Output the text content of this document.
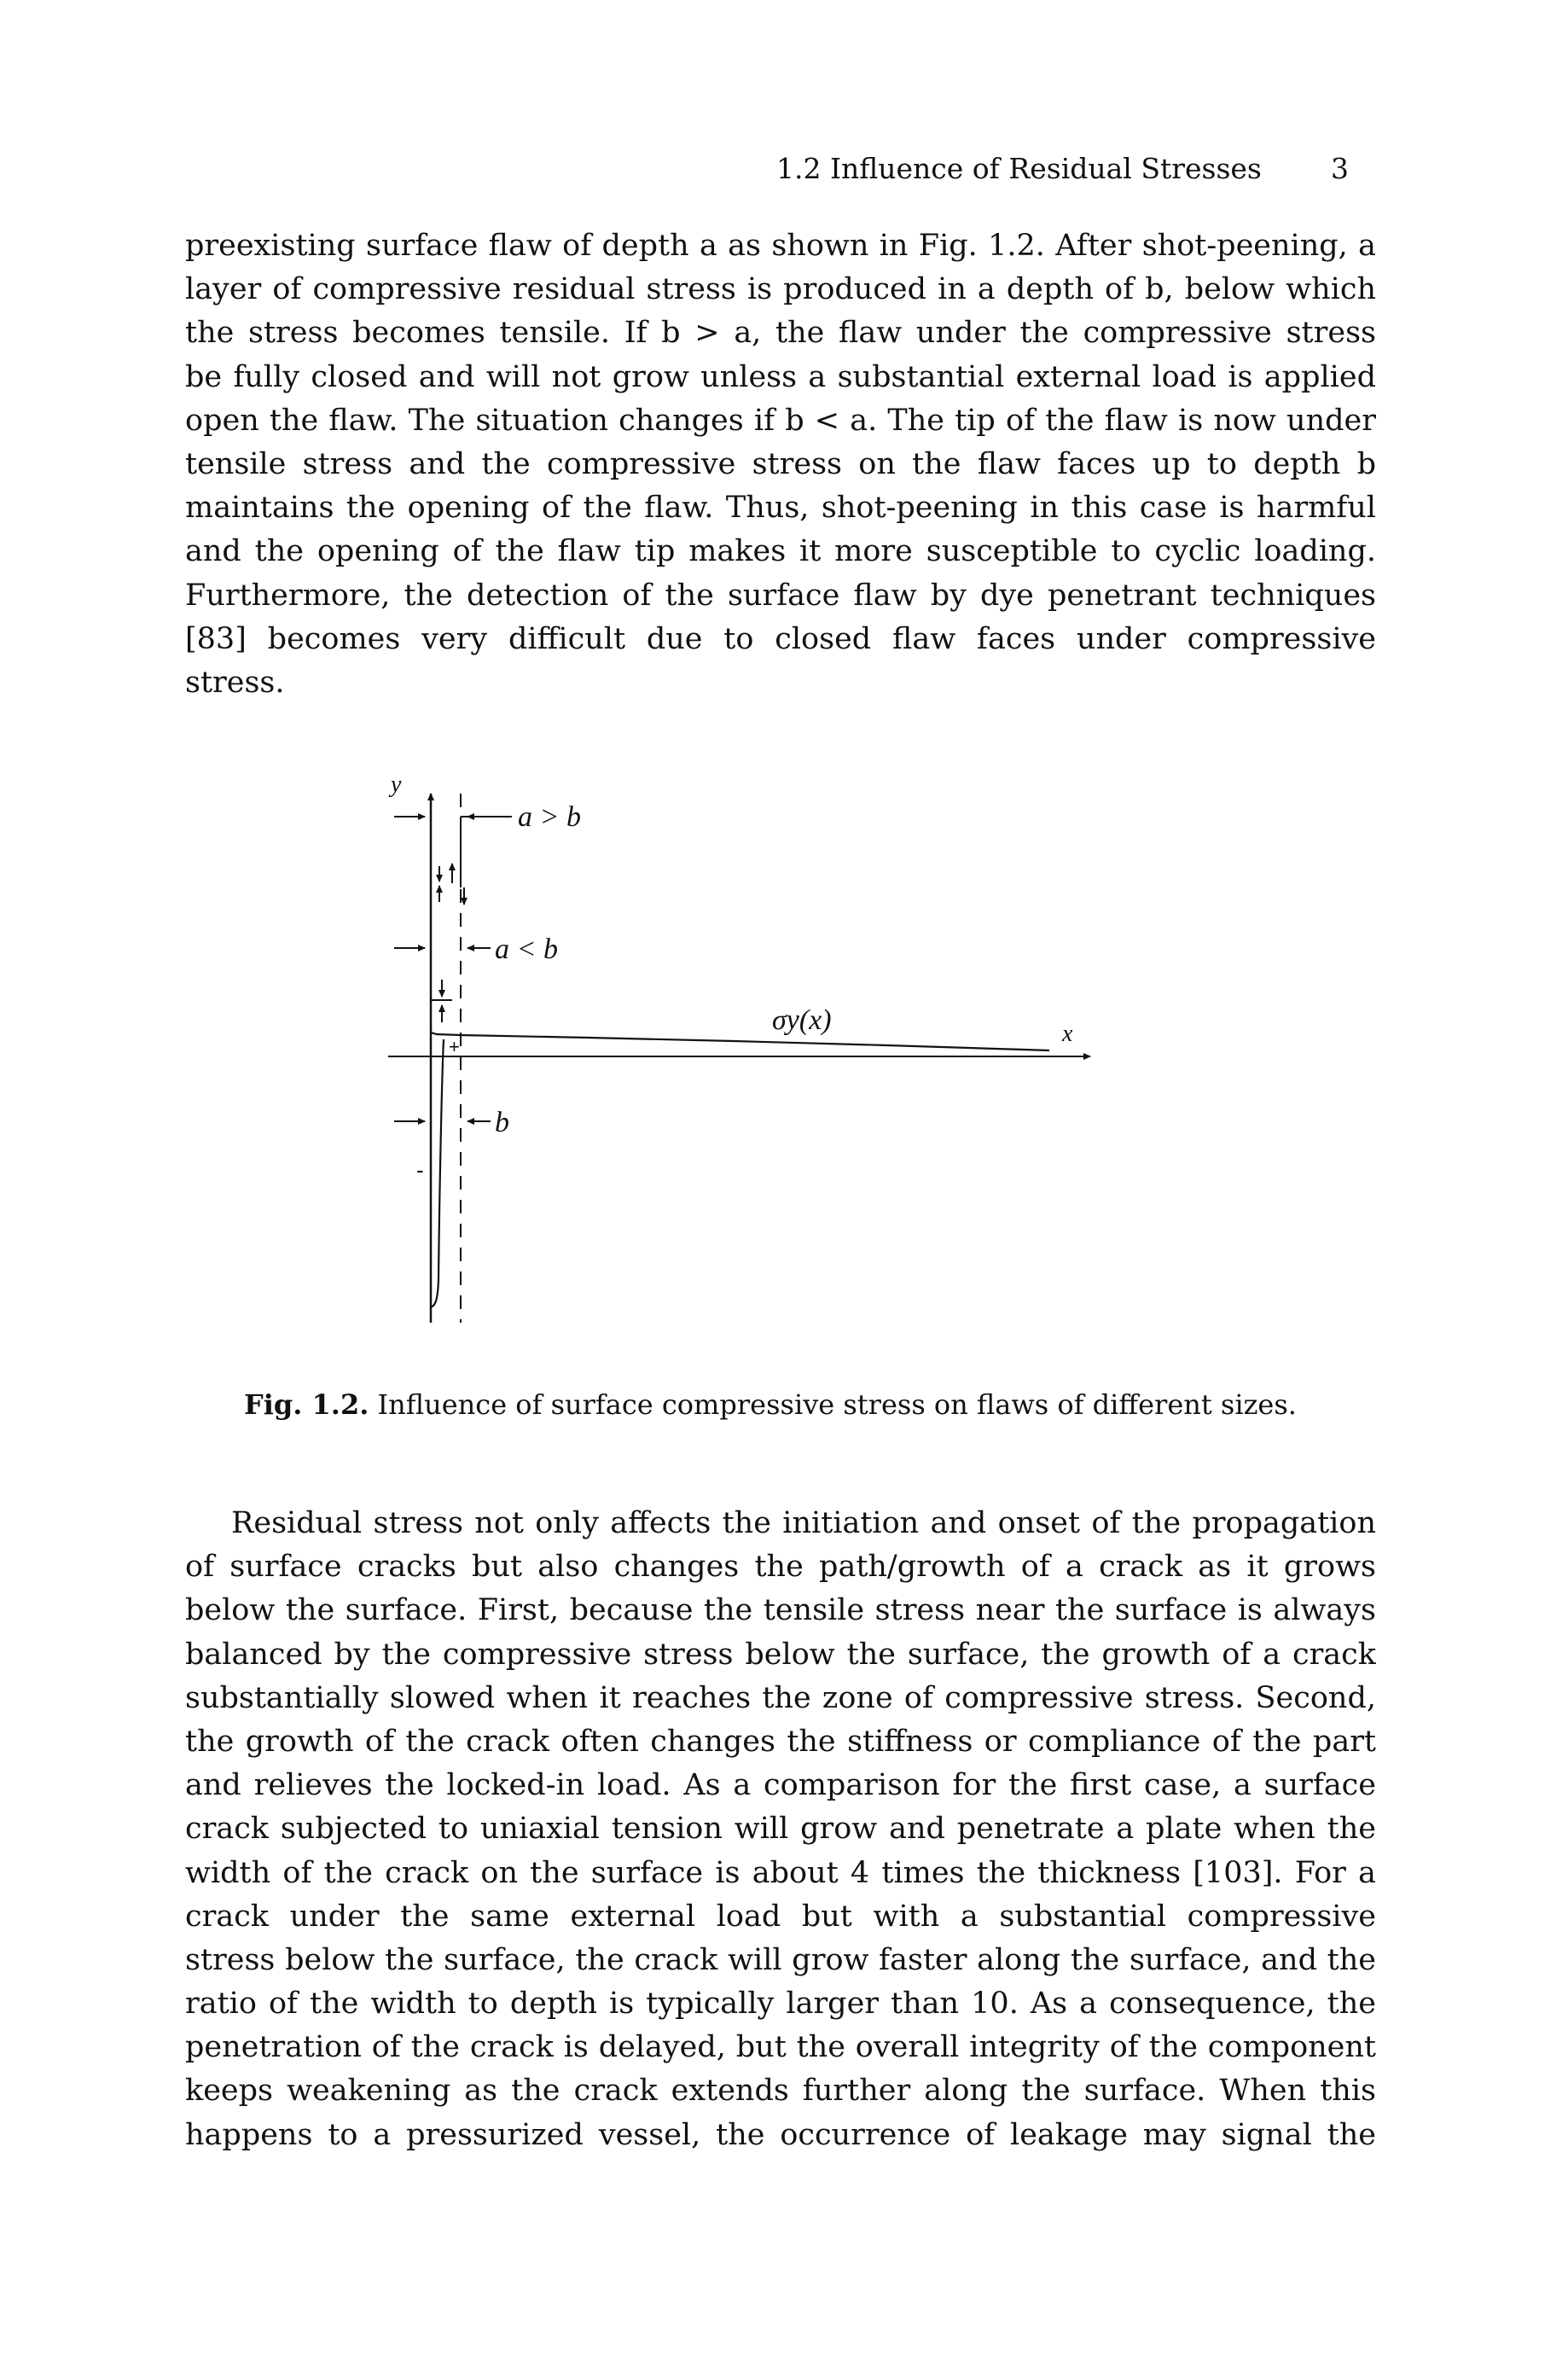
1.2 Influence of Residual Stresses 3
preexisting surface flaw of depth a as shown in Fig. 1.2. After shot-peening, a
layer of compressive residual stress is produced in a depth of b, below which
the stress becomes tensile. If b > a, the flaw under the compressive stress
be fully closed and will not grow unless a substantial external load is applied
open the flaw. The situation changes if b < a. The tip of the flaw is now under
tensile stress and the compressive stress on the flaw faces up to depth b
maintains the opening of the flaw. Thus, shot-peening in this case is harmful
and the opening of the flaw tip makes it more susceptible to cyclic loading.
Furthermore, the detection of the surface flaw by dye penetrant techniques
[83] becomes very difficult due to closed flaw faces under compressive
stress.
y
a > b
a < b
σy(x)	x
b
+
-
Fig. 1.2. Influence of surface compressive stress on flaws of different sizes.
Residual stress not only affects the initiation and onset of the propagation
of surface cracks but also changes the path/growth of a crack as it grows
below the surface. First, because the tensile stress near the surface is always
balanced by the compressive stress below the surface, the growth of a crack
substantially slowed when it reaches the zone of compressive stress. Second,
the growth of the crack often changes the stiffness or compliance of the part
and relieves the locked-in load. As a comparison for the first case, a surface
crack subjected to uniaxial tension will grow and penetrate a plate when the
width of the crack on the surface is about 4 times the thickness [103]. For a
crack under the same external load but with a substantial compressive
stress below the surface, the crack will grow faster along the surface, and the
ratio of the width to depth is typically larger than 10. As a consequence, the
penetration of the crack is delayed, but the overall integrity of the component
keeps weakening as the crack extends further along the surface. When this
happens to a pressurized vessel, the occurrence of leakage may signal the
